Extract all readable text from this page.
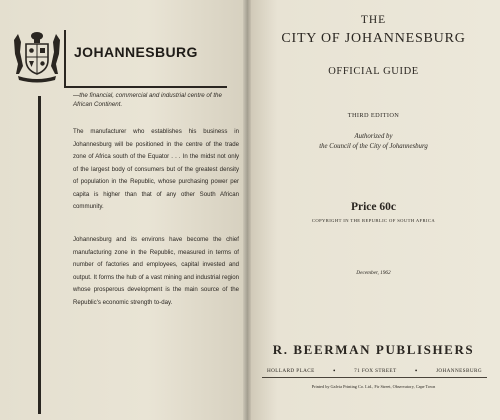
JOHANNESBURG
—the financial, commercial and industrial centre of the African Continent.
The manufacturer who establishes his business in Johannesburg will be positioned in the centre of the trade zone of Africa south of the Equator . . . In the midst not only of the largest body of consumers but of the greatest density of population in the Republic, whose purchasing power per capita is higher than that of any other South African community.
Johannesburg and its environs have become the chief manufacturing zone in the Republic, measured in terms of number of factories and employees, capital invested and output. It forms the hub of a vast mining and industrial region whose prosperous development is the main source of the Republic's economic strength to-day.
THE
CITY OF JOHANNESBURG
OFFICIAL GUIDE
THIRD EDITION
Authorized by
the Council of the City of Johannesburg
Price 60c
COPYRIGHT IN THE REPUBLIC OF SOUTH AFRICA
December, 1962
R. BEERMAN PUBLISHERS
HOLLARD PLACE	•	71 FOX STREET	•	JOHANNESBURG
Printed by Galvia Printing Co. Ltd., Fir Street, Observatory, Cape Town
